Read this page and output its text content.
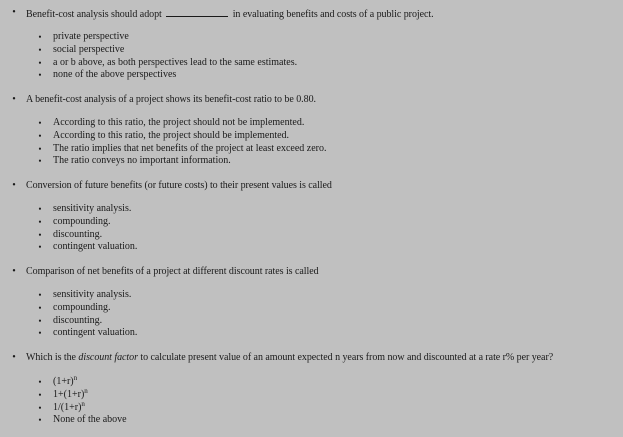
•	Benefit-cost analysis should adopt	in evaluating benefits and costs of a public project.
•	private perspective
•	social perspective
•	a or b above, as both perspectives lead to the same estimates.
•	none of the above perspectives
•	A benefit-cost analysis of a project shows its benefit-cost ratio to be 0.80.
•	According to this ratio, the project should not be implemented.
•	According to this ratio, the project should be implemented.
•	The ratio implies that net benefits of the project at least exceed zero.
•	The ratio conveys no important information.
•	Conversion of future benefits (or future costs) to their present values is called
•	sensitivity analysis.
•	compounding.
•	discounting.
•	contingent valuation.
•	Comparison of net benefits of a project at different discount rates is called
•	sensitivity analysis.
•	compounding.
•	discounting.
•	contingent valuation.
•	Which is the discount factor to calculate present value of an amount expected n years from now and discounted at a rate r% per year?
•	$(1+r)^n$
•	$1+(1+r)^n$
•	$1/(1+r)^n$
•	None of the above
